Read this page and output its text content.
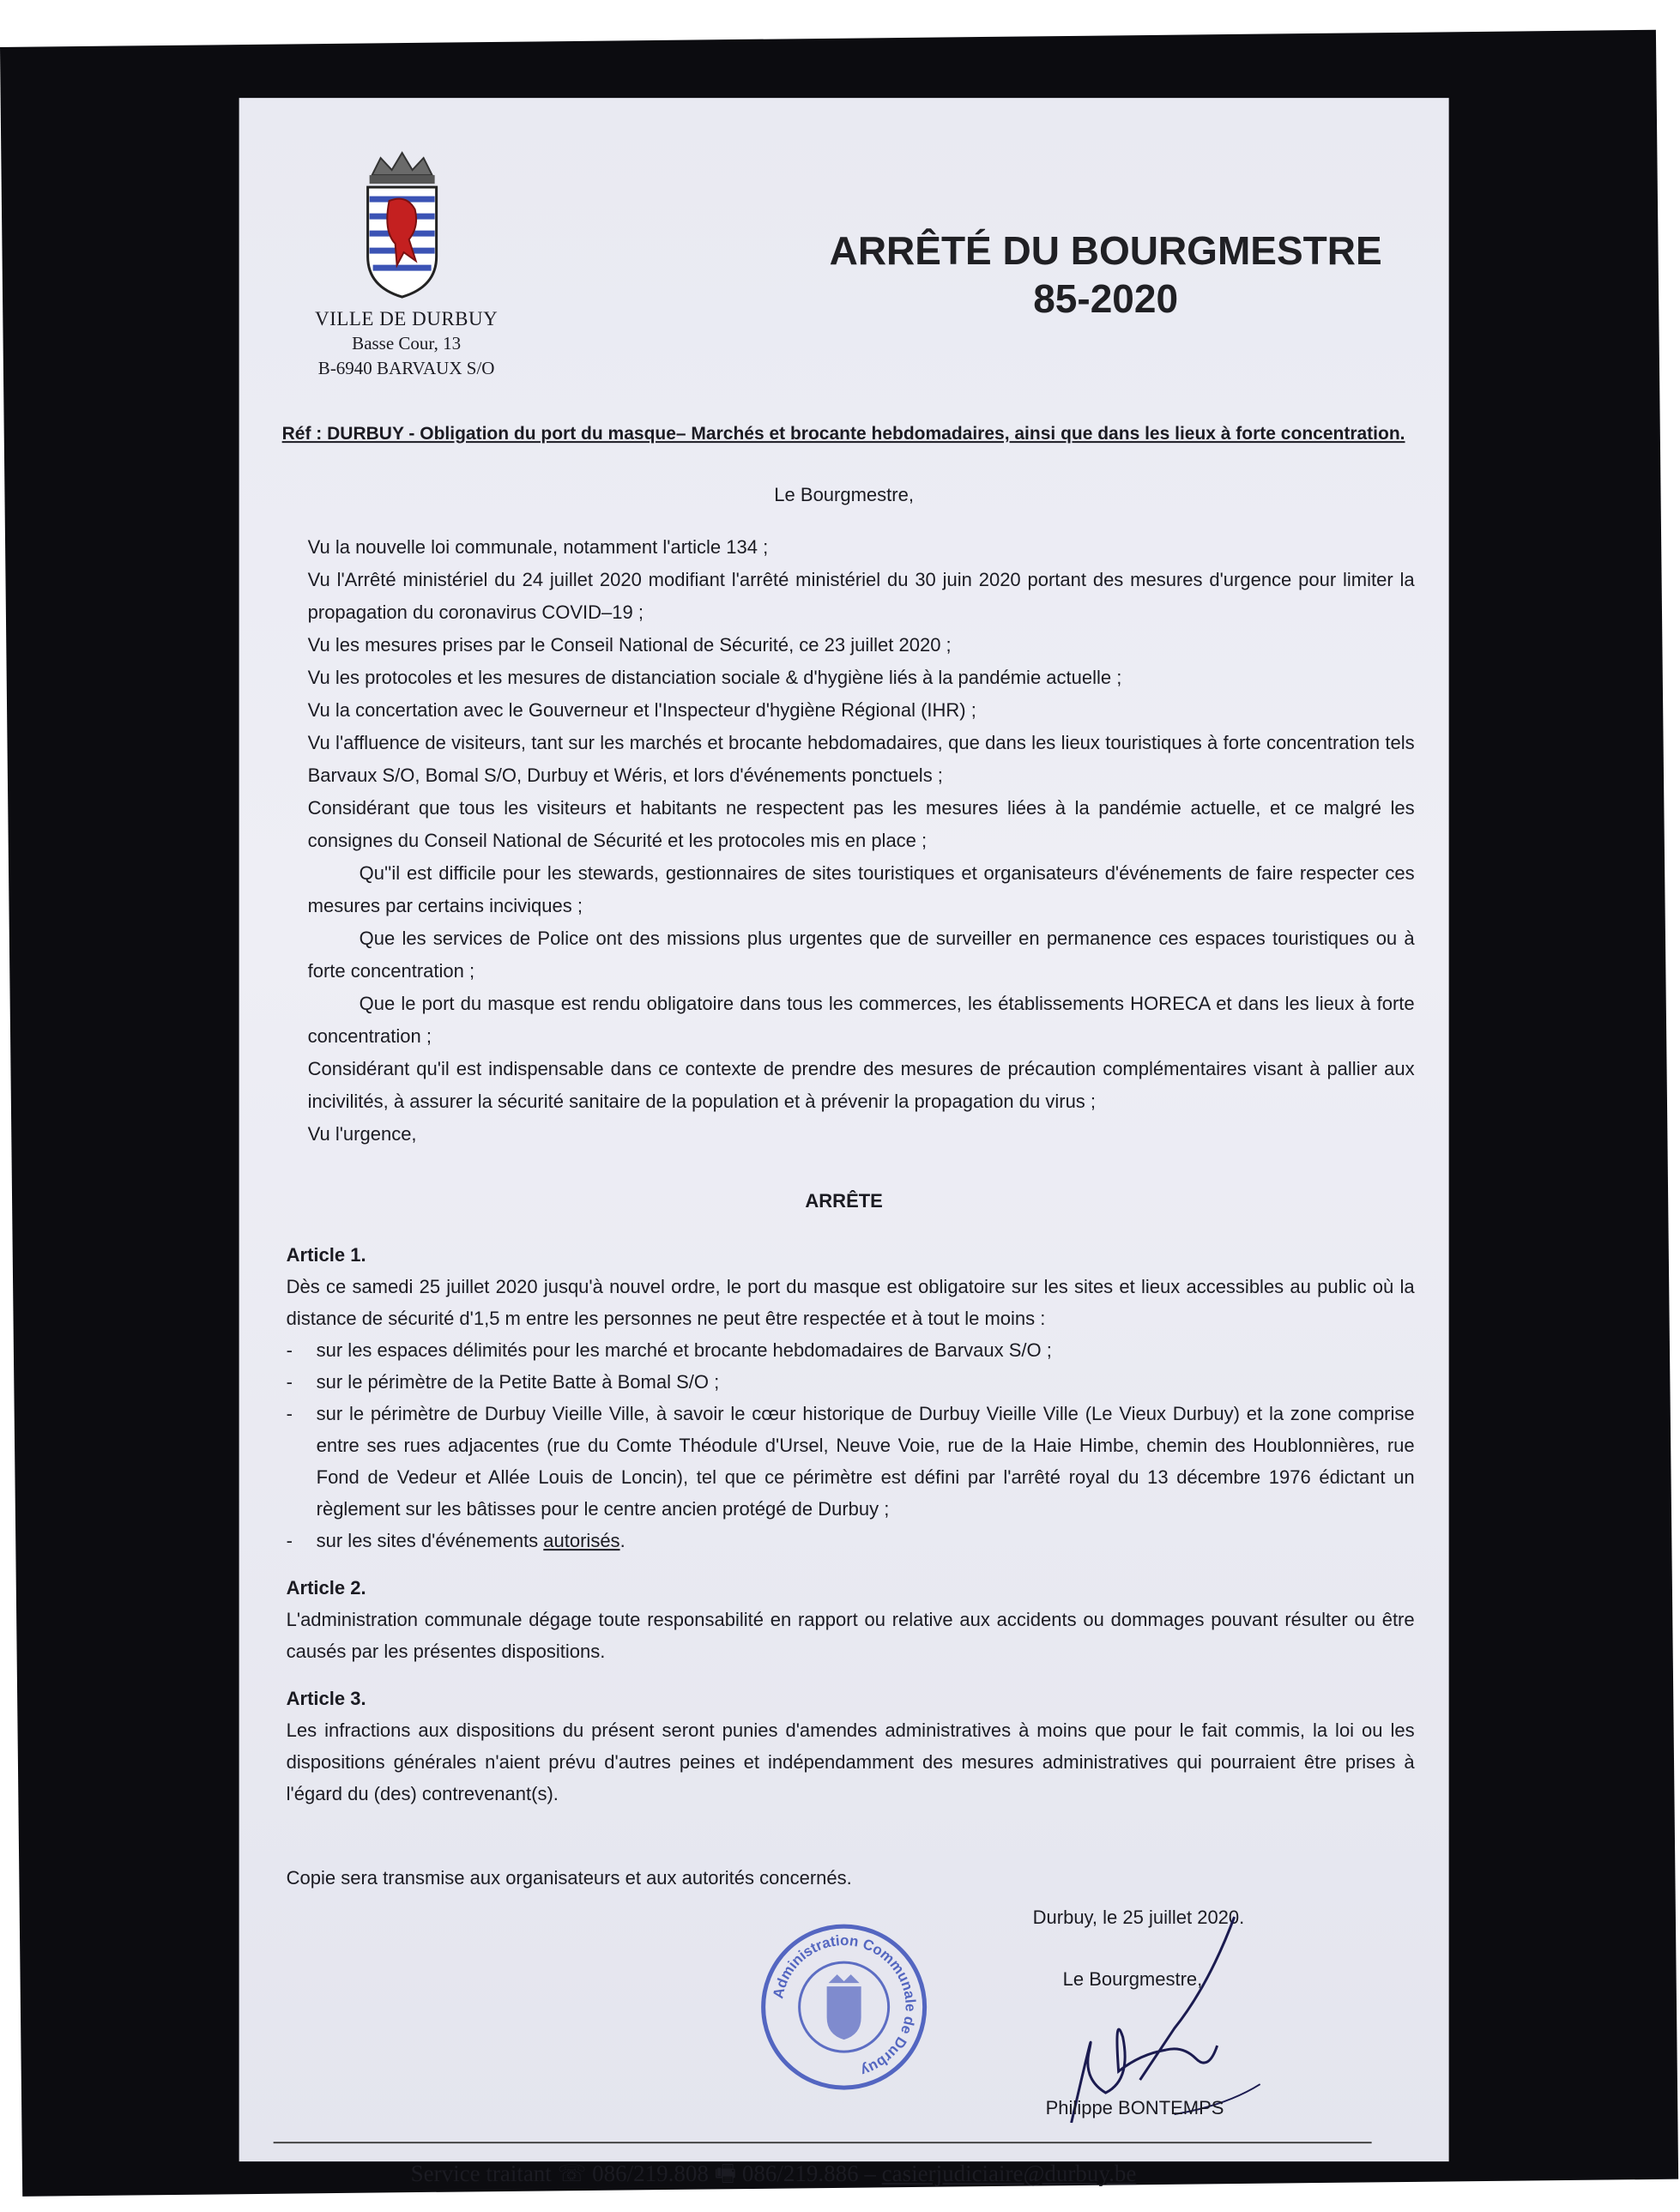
VILLE DE DURBUY
Basse Cour, 13
B-6940 BARVAUX S/O
ARRÊTÉ DU BOURGMESTRE
85-2020
Réf : DURBUY - Obligation du port du masque– Marchés et brocante hebdomadaires, ainsi que dans les lieux à forte concentration.
Le Bourgmestre,

Vu la nouvelle loi communale, notamment l'article 134 ;

Vu l'Arrêté ministériel du 24 juillet 2020 modifiant l'arrêté ministériel du 30 juin 2020 portant des mesures d'urgence pour limiter la propagation du coronavirus COVID–19 ;

Vu les mesures prises par le Conseil National de Sécurité, ce 23 juillet 2020 ;

Vu les protocoles et les mesures de distanciation sociale & d'hygiène liés à la pandémie actuelle ;

Vu la concertation avec le Gouverneur et l'Inspecteur d'hygiène Régional (IHR) ;

Vu l'affluence de visiteurs, tant sur les marchés et brocante hebdomadaires, que dans les lieux touristiques à forte concentration tels Barvaux S/O, Bomal S/O, Durbuy et Wéris, et lors d'événements ponctuels ;

Considérant que tous les visiteurs et habitants ne respectent pas les mesures liées à la pandémie actuelle, et ce malgré les consignes du Conseil National de Sécurité et les protocoles mis en place ;

Qu''il est difficile pour les stewards, gestionnaires de sites touristiques et organisateurs d'événements de faire respecter ces mesures par certains inciviques ;

Que les services de Police ont des missions plus urgentes que de surveiller en permanence ces espaces touristiques ou à forte concentration ;

Que le port du masque est rendu obligatoire dans tous les commerces, les établissements HORECA et dans les lieux à forte concentration ;

Considérant qu'il est indispensable dans ce contexte de prendre des mesures de précaution complémentaires visant à pallier aux incivilités, à assurer la sécurité sanitaire de la population et à prévenir la propagation du virus ;

Vu l'urgence,

ARRÊTE
Article 1.

Dès ce samedi 25 juillet 2020 jusqu'à nouvel ordre, le port du masque est obligatoire sur les sites et lieux accessibles au public où la distance de sécurité d'1,5 m entre les personnes ne peut être respectée et à tout le moins :

- sur les espaces délimités pour les marché et brocante hebdomadaires de Barvaux S/O ;
- sur le périmètre de la Petite Batte à Bomal S/O ;
- sur le périmètre de Durbuy Vieille Ville, à savoir le cœur historique de Durbuy Vieille Ville (Le Vieux Durbuy) et la zone comprise entre ses rues adjacentes (rue du Comte Théodule d'Ursel, Neuve Voie, rue de la Haie Himbe, chemin des Houblonnières, rue Fond de Vedeur et Allée Louis de Loncin), tel que ce périmètre est défini par l'arrêté royal du 13 décembre 1976 édictant un règlement sur les bâtisses pour le centre ancien protégé de Durbuy ;
- sur les sites d'événements autorisés.
Article 2.

L'administration communale dégage toute responsabilité en rapport ou relative aux accidents ou dommages pouvant résulter ou être causés par les présentes dispositions.

Article 3.

Les infractions aux dispositions du présent seront punies d'amendes administratives à moins que pour le fait commis, la loi ou les dispositions générales n'aient prévu d'autres peines et indépendamment des mesures administratives qui pourraient être prises à l'égard du (des) contrevenant(s).

Copie sera transmise aux organisateurs et aux autorités concernés.
Durbuy, le 25 juillet 2020.
Administration Communale de Durbuy
Le Bourgmestre,
Philippe BONTEMPS
Service traitant ☏ 086/219.808 🖷 086/219.886 – casierjudiciaire@durbuy.be
